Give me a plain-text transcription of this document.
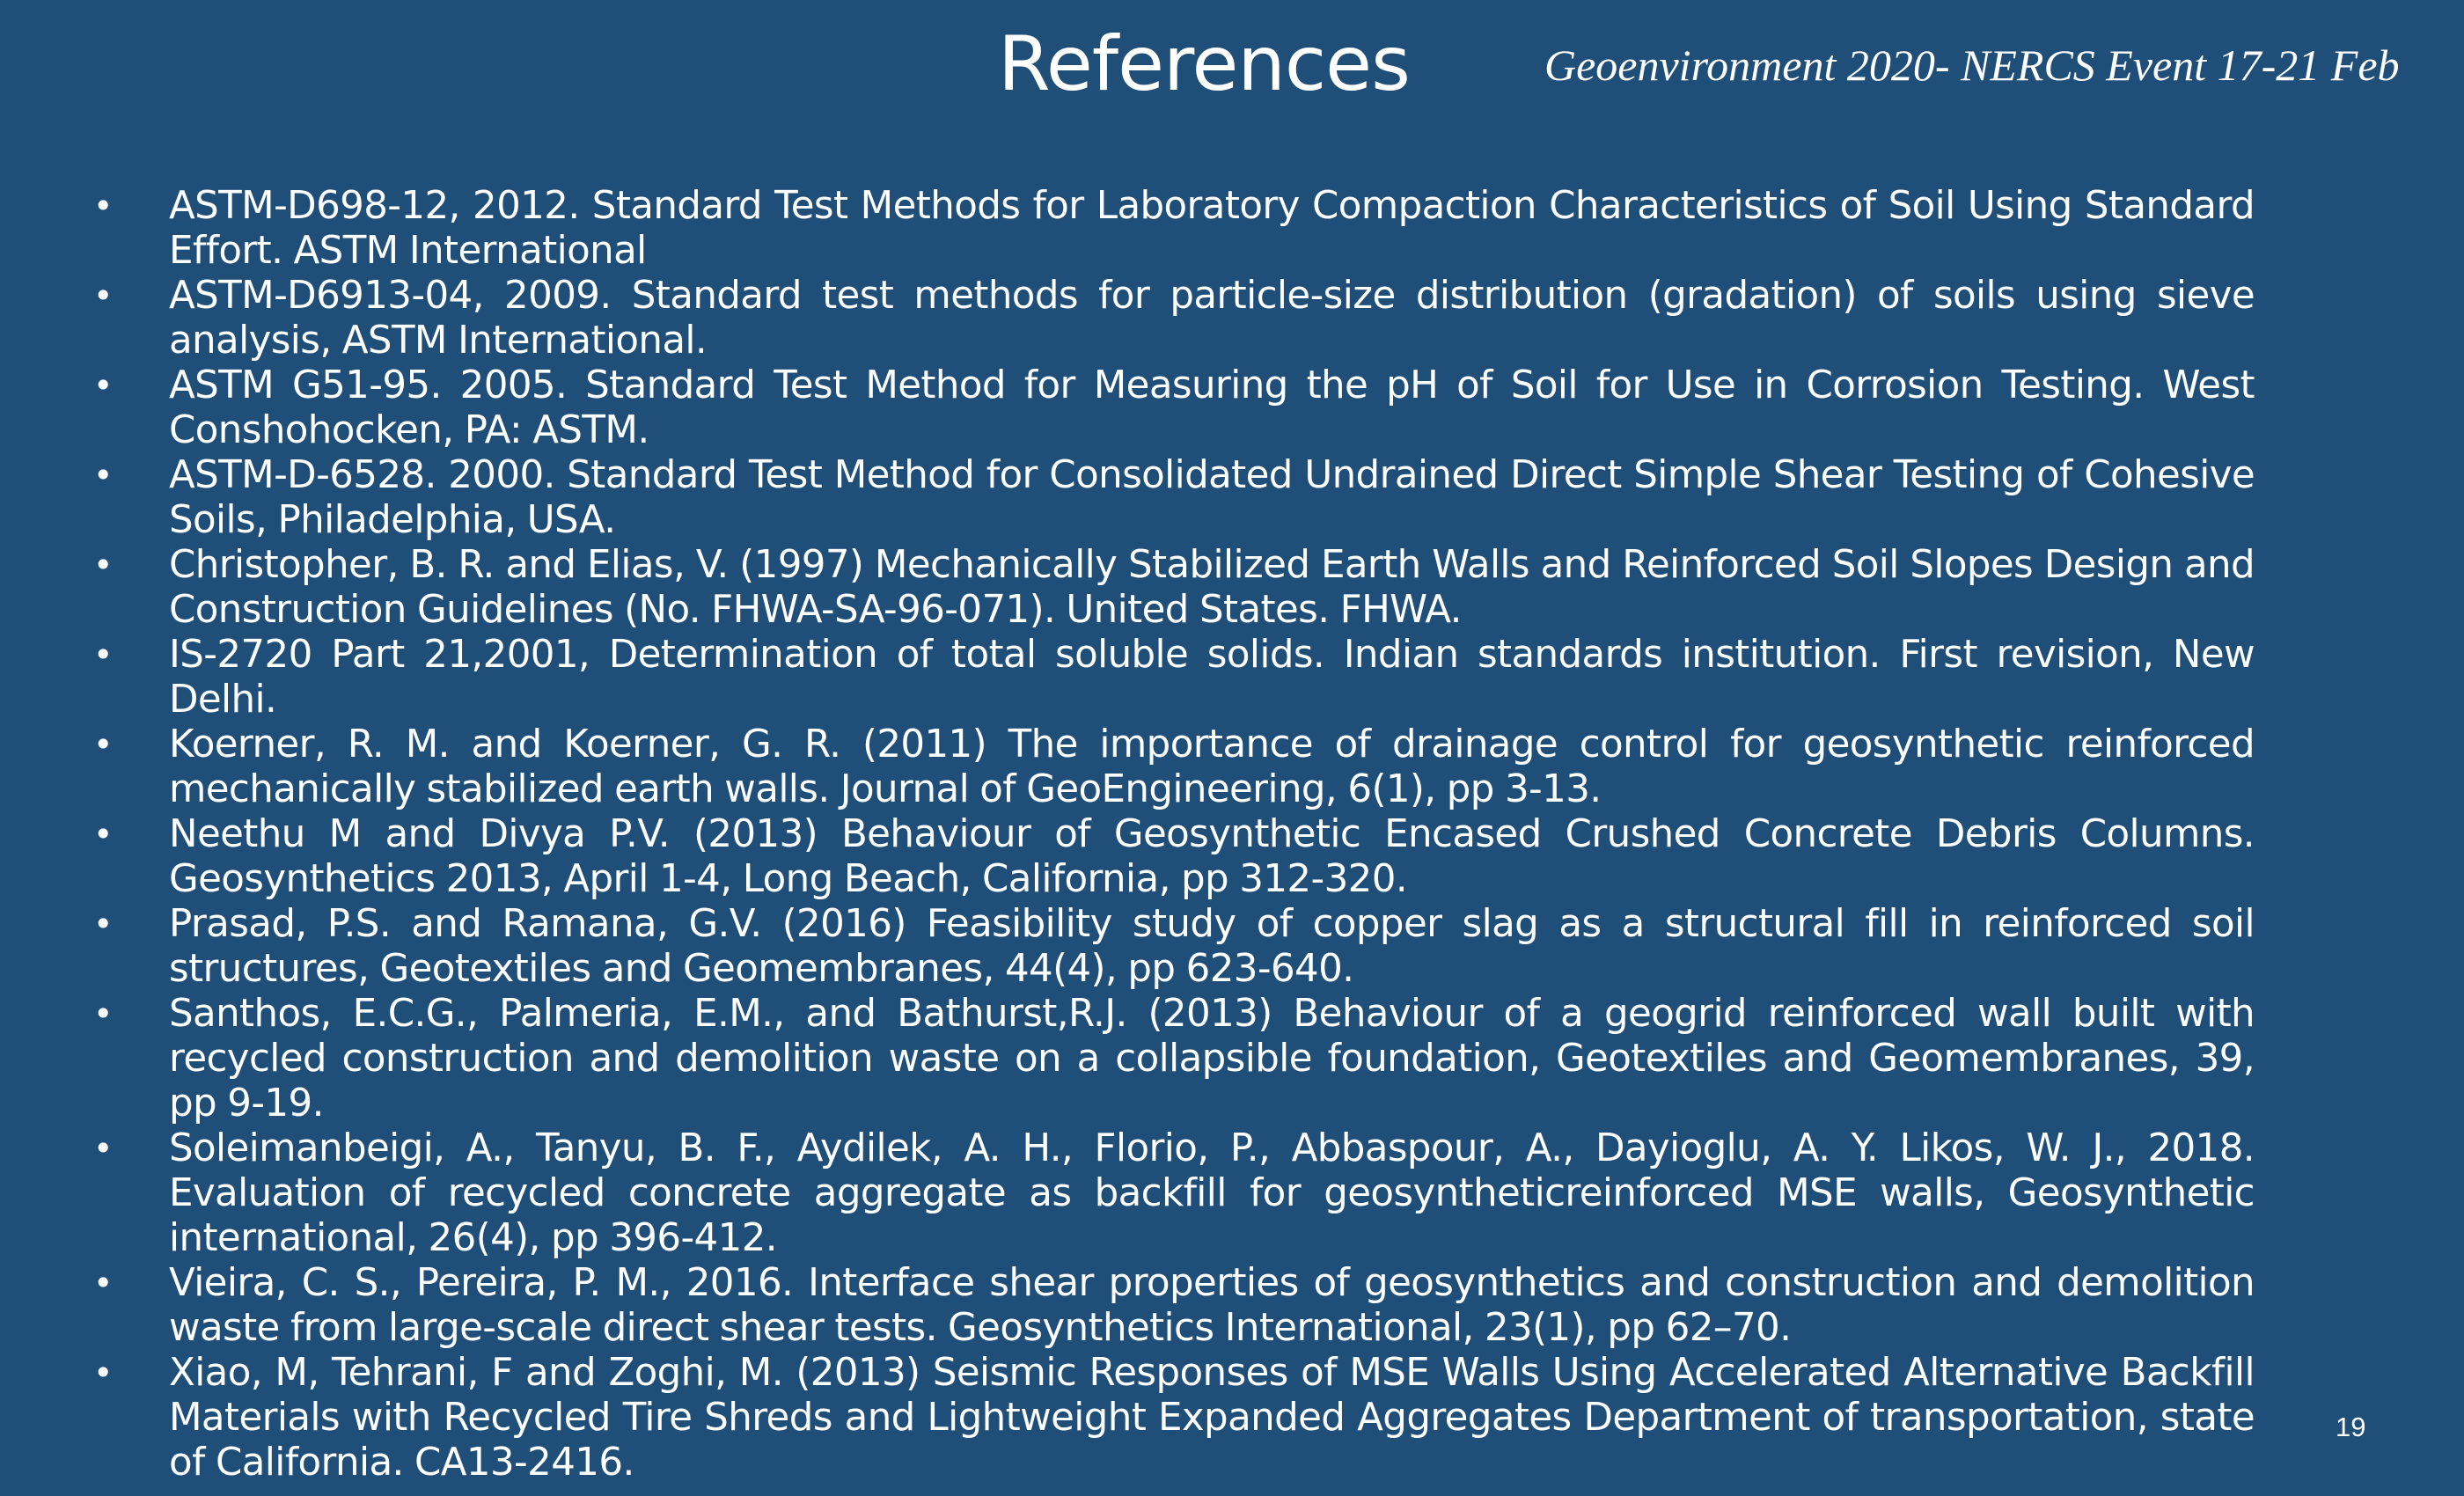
References	Geoenvironment 2020- NERCS Event 17-21 Feb
• ASTM-D698-12, 2012. Standard Test Methods for Laboratory Compaction Characteristics of Soil Using Standard Effort. ASTM International
• ASTM-D6913-04, 2009. Standard test methods for particle-size distribution (gradation) of soils using sieve analysis, ASTM International.
• ASTM G51-95. 2005. Standard Test Method for Measuring the pH of Soil for Use in Corrosion Testing. West Conshohocken, PA: ASTM.
• ASTM-D-6528. 2000. Standard Test Method for Consolidated Undrained Direct Simple Shear Testing of Cohesive Soils, Philadelphia, USA.
• Christopher, B. R. and Elias, V. (1997) Mechanically Stabilized Earth Walls and Reinforced Soil Slopes Design and Construction Guidelines (No. FHWA-SA-96-071). United States. FHWA.
• IS-2720 Part 21,2001, Determination of total soluble solids. Indian standards institution. First revision, New Delhi.
• Koerner, R. M. and Koerner, G. R. (2011) The importance of drainage control for geosynthetic reinforced mechanically stabilized earth walls. Journal of GeoEngineering, 6(1), pp 3-13.
• Neethu M and Divya P.V. (2013) Behaviour of Geosynthetic Encased Crushed Concrete Debris Columns. Geosynthetics 2013, April 1-4, Long Beach, California, pp 312-320.
• Prasad, P.S. and Ramana, G.V. (2016) Feasibility study of copper slag as a structural fill in reinforced soil structures, Geotextiles and Geomembranes, 44(4), pp 623-640.
• Santhos, E.C.G., Palmeria, E.M., and Bathurst,R.J. (2013) Behaviour of a geogrid reinforced wall built with recycled construction and demolition waste on a collapsible foundation, Geotextiles and Geomembranes, 39, pp 9-19.
• Soleimanbeigi, A., Tanyu, B. F., Aydilek, A. H., Florio, P., Abbaspour, A., Dayioglu, A. Y. Likos, W. J., 2018. Evaluation of recycled concrete aggregate as backfill for geosyntheticreinforced MSE walls, Geosynthetic international, 26(4), pp 396-412.
• Vieira, C. S., Pereira, P. M., 2016. Interface shear properties of geosynthetics and construction and demolition waste from large-scale direct shear tests. Geosynthetics International, 23(1), pp 62–70.
• Xiao, M, Tehrani, F and Zoghi, M. (2013) Seismic Responses of MSE Walls Using Accelerated Alternative Backfill Materials with Recycled Tire Shreds and Lightweight Expanded Aggregates Department of transportation, state of California. CA13-2416.
19
